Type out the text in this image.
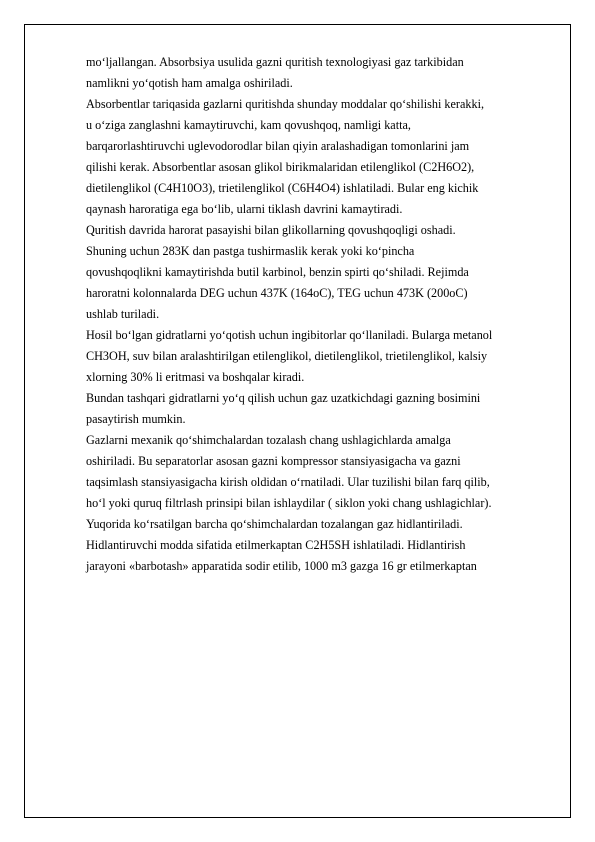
mo‘ljallangan. Absorbsiya usulida gazni quritish texnologiyasi gaz tarkibidan
namlikni yo‘qotish ham amalga oshiriladi.
Absorbentlar tariqasida gazlarni quritishda shunday moddalar qo‘shilishi kerakki,
u o‘ziga zanglashni kamaytiruvchi, kam qovushqoq, namligi katta,
barqarorlashtiruvchi uglevodorodlar bilan qiyin aralashadigan tomonlarini jam
qilishi kerak. Absorbentlar asosan glikol birikmalaridan etilenglikol (C2H6O2),
dietilenglikol (C4H10O3), trietilenglikol (C6H4O4) ishlatiladi. Bular eng kichik
qaynash haroratiga ega bo‘lib, ularni tiklash davrini kamaytiradi.
Quritish davrida harorat pasayishi bilan glikollarning qovushqoqligi oshadi.
Shuning uchun 283K dan pastga tushirmaslik kerak yoki ko‘pincha
qovushqoqlikni kamaytirishda butil karbinol, benzin spirti qo‘shiladi. Rejimda
haroratni kolonnalarda DEG uchun 437K (164oC), TEG uchun 473K (200oC)
ushlab turiladi.
Hosil bo‘lgan gidratlarni yo‘qotish uchun ingibitorlar qo‘llaniladi. Bularga metanol
CH3OH, suv bilan aralashtirilgan etilenglikol, dietilenglikol, trietilenglikol, kalsiy
xlorning 30% li eritmasi va boshqalar kiradi.
Bundan tashqari gidratlarni yo‘q qilish uchun gaz uzatkichdagi gazning bosimini
pasaytirish mumkin.
Gazlarni mexanik qo‘shimchalardan tozalash chang ushlagichlarda amalga
oshiriladi. Bu separatorlar asosan gazni kompressor stansiyasigacha va gazni
taqsimlash stansiyasigacha kirish oldidan o‘rnatiladi. Ular tuzilishi bilan farq qilib,
ho‘l yoki quruq filtrlash prinsipi bilan ishlaydilar ( siklon yoki chang ushlagichlar).
Yuqorida ko‘rsatilgan barcha qo‘shimchalardan tozalangan gaz hidlantiriladi.
Hidlantiruvchi modda sifatida etilmerkaptan C2H5SH ishlatiladi. Hidlantirish
jarayoni «barbotash» apparatida sodir etilib, 1000 m3 gazga 16 gr etilmerkaptan
